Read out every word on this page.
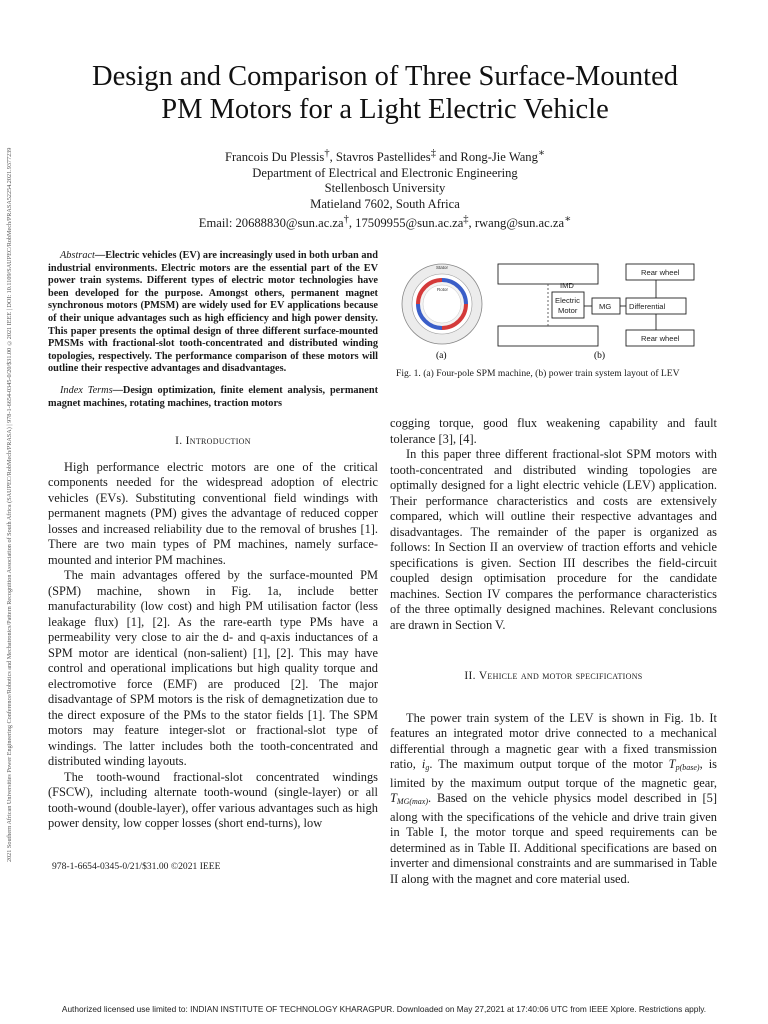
2021 Southern African Universities Power Engineering Conference/Robotics and Mechatronics/Pattern Recognition Association of South Africa (SAUPEC/RobMech/PRASA) | 978-1-6654-0345-0/20/$31.00 ©2021 IEEE | DOI: 10.1109/SAUPEC/RobMech/PRASA52254.2021.9377239
Design and Comparison of Three Surface-Mounted
PM Motors for a Light Electric Vehicle
Francois Du Plessis†, Stavros Pastellides‡ and Rong-Jie Wang∗
Department of Electrical and Electronic Engineering
Stellenbosch University
Matieland 7602, South Africa
Email: 20688830@sun.ac.za†, 17509955@sun.ac.za‡, rwang@sun.ac.za∗

Abstract—Electric vehicles (EV) are increasingly used in both urban and industrial environments. Electric motors are the essential part of the EV power train systems. Different types of electric motor technologies have been developed for the purpose. Amongst others, permanent magnet synchronous motors (PMSM) are widely used for EV applications because of their unique advantages such as high efficiency and high power density. This paper presents the optimal design of three different surface-mounted PMSMs with fractional-slot tooth-concentrated and distributed winding topologies, respectively. The performance comparison of these motors will outline their respective advantages and disadvantages.

Index Terms—Design optimization, finite element analysis, permanent magnet machines, rotating machines, traction motors

I. Introduction

High performance electric motors are one of the critical components needed for the widespread adoption of electric vehicles (EVs). Substituting conventional field windings with permanent magnets (PM) gives the advantage of reduced copper losses and increased reliability due to the removal of brushes [1]. There are two main types of PM machines, namely surface-mounted and interior PM machines.

The main advantages offered by the surface-mounted PM (SPM) machine, shown in Fig. 1a, include better manufacturability (low cost) and high PM utilisation factor (less leakage flux) [1], [2]. As the rare-earth type PMs have a permeability very close to air the d- and q-axis inductances of a SPM motor are identical (non-salient) [1], [2]. This may have control and operational implications but high quality torque and electromotive force (EMF) are produced [2]. The major disadvantage of SPM motors is the risk of demagnetization due to the direct exposure of the PMs to the stator fields [1]. The SPM motors may feature integer-slot or fractional-slot type of windings. The latter includes both the tooth-concentrated and distributed winding layouts.

The tooth-wound fractional-slot concentrated windings (FSCW), including alternate tooth-wound (single-layer) or all tooth-wound (double-layer), offer various advantages such as high power density, low copper losses (short end-turns), low

978-1-6654-0345-0/21/$31.00 ©2021 IEEE
Stator
Rotor
(a)
IMD
Electric
Motor	MG Differential
Rear wheel
Rear wheel
(b)
Fig. 1. (a) Four-pole SPM machine, (b) power train system layout of LEV

cogging torque, good flux weakening capability and fault tolerance [3], [4].

In this paper three different fractional-slot SPM motors with tooth-concentrated and distributed winding topologies are optimally designed for a light electric vehicle (LEV) application. Their performance characteristics and costs are extensively compared, which will outline their respective advantages and disadvantages. The remainder of the paper is organized as follows: In Section II an overview of traction efforts and vehicle specifications is given. Section III describes the field-circuit coupled design optimisation procedure for the candidate machines. Section IV compares the performance characteristics of the three optimally designed machines. Relevant conclusions are drawn in Section V.

II. Vehicle and motor specifications

The power train system of the LEV is shown in Fig. 1b. It features an integrated motor drive connected to a mechanical differential through a magnetic gear with a fixed transmission ratio, $i_g$. The maximum output torque of the motor $T_{p(base)}$, is limited by the maximum output torque of the magnetic gear, $T_{MG(max)}$. Based on the vehicle physics model described in [5] along with the specifications of the vehicle and drive train given in Table I, the motor torque and speed requirements can be determined as in Table II. Additional specifications are based on inverter and dimensional constraints and are summarised in Table II along with the magnet and core material used.

Authorized licensed use limited to: INDIAN INSTITUTE OF TECHNOLOGY KHARAGPUR. Downloaded on May 27,2021 at 17:40:06 UTC from IEEE Xplore. Restrictions apply.
